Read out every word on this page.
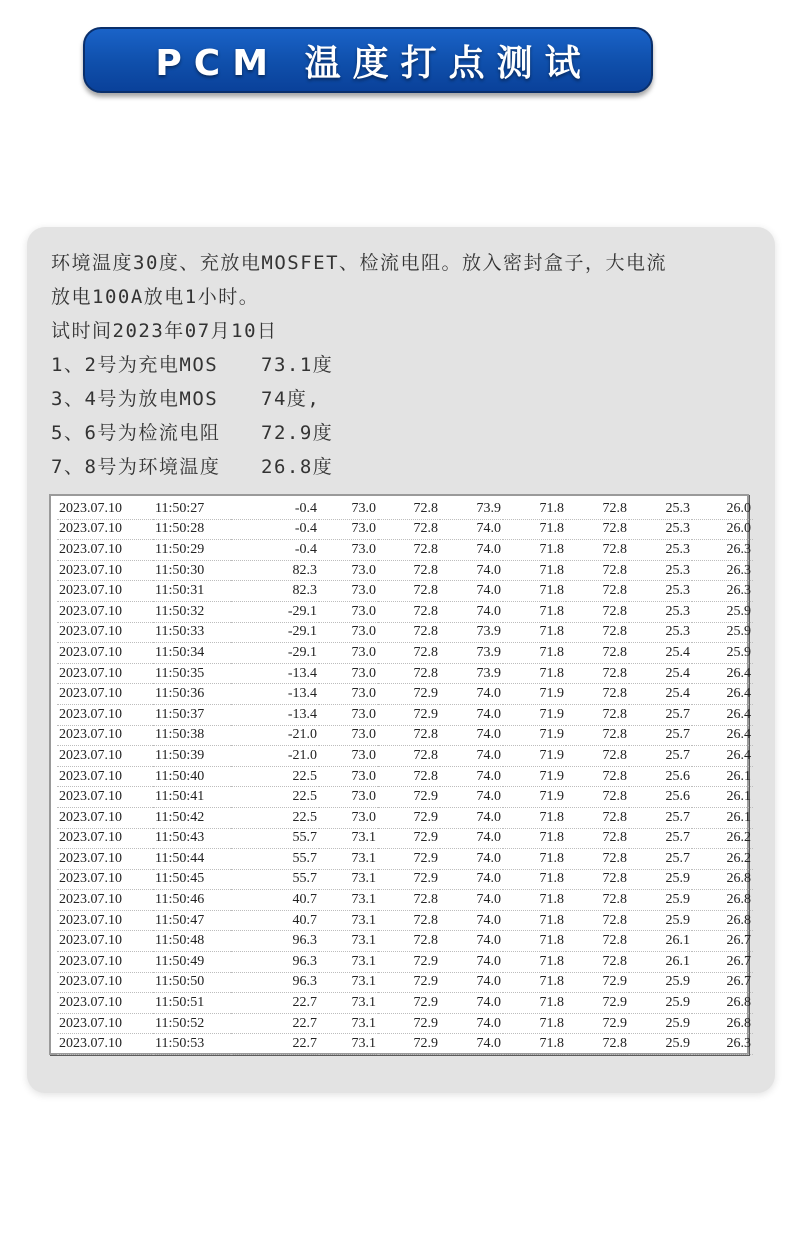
PCM 温度打点测试
环境温度30度、充放电MOSFET、检流电阻。放入密封盒子，大电流
放电100A放电1小时。
试时间2023年07月10日
1、2号为充电MOS 73.1度
3、4号为放电MOS 74度,
5、6号为检流电阻 72.9度
7、8号为环境温度 26.8度
2023.07.10	11:50:27	-0.4	73.0	72.8	73.9	71.8	72.8	25.3	26.0
2023.07.10	11:50:28	-0.4	73.0	72.8	74.0	71.8	72.8	25.3	26.0
2023.07.10	11:50:29	-0.4	73.0	72.8	74.0	71.8	72.8	25.3	26.3
2023.07.10	11:50:30	82.3	73.0	72.8	74.0	71.8	72.8	25.3	26.3
2023.07.10	11:50:31	82.3	73.0	72.8	74.0	71.8	72.8	25.3	26.3
2023.07.10	11:50:32	-29.1	73.0	72.8	74.0	71.8	72.8	25.3	25.9
2023.07.10	11:50:33	-29.1	73.0	72.8	73.9	71.8	72.8	25.3	25.9
2023.07.10	11:50:34	-29.1	73.0	72.8	73.9	71.8	72.8	25.4	25.9
2023.07.10	11:50:35	-13.4	73.0	72.8	73.9	71.8	72.8	25.4	26.4
2023.07.10	11:50:36	-13.4	73.0	72.9	74.0	71.9	72.8	25.4	26.4
2023.07.10	11:50:37	-13.4	73.0	72.9	74.0	71.9	72.8	25.7	26.4
2023.07.10	11:50:38	-21.0	73.0	72.8	74.0	71.9	72.8	25.7	26.4
2023.07.10	11:50:39	-21.0	73.0	72.8	74.0	71.9	72.8	25.7	26.4
2023.07.10	11:50:40	22.5	73.0	72.8	74.0	71.9	72.8	25.6	26.1
2023.07.10	11:50:41	22.5	73.0	72.9	74.0	71.9	72.8	25.6	26.1
2023.07.10	11:50:42	22.5	73.0	72.9	74.0	71.8	72.8	25.7	26.1
2023.07.10	11:50:43	55.7	73.1	72.9	74.0	71.8	72.8	25.7	26.2
2023.07.10	11:50:44	55.7	73.1	72.9	74.0	71.8	72.8	25.7	26.2
2023.07.10	11:50:45	55.7	73.1	72.9	74.0	71.8	72.8	25.9	26.8
2023.07.10	11:50:46	40.7	73.1	72.8	74.0	71.8	72.8	25.9	26.8
2023.07.10	11:50:47	40.7	73.1	72.8	74.0	71.8	72.8	25.9	26.8
2023.07.10	11:50:48	96.3	73.1	72.8	74.0	71.8	72.8	26.1	26.7
2023.07.10	11:50:49	96.3	73.1	72.9	74.0	71.8	72.8	26.1	26.7
2023.07.10	11:50:50	96.3	73.1	72.9	74.0	71.8	72.9	25.9	26.7
2023.07.10	11:50:51	22.7	73.1	72.9	74.0	71.8	72.9	25.9	26.8
2023.07.10	11:50:52	22.7	73.1	72.9	74.0	71.8	72.9	25.9	26.8
2023.07.10	11:50:53	22.7	73.1	72.9	74.0	71.8	72.8	25.9	26.3
